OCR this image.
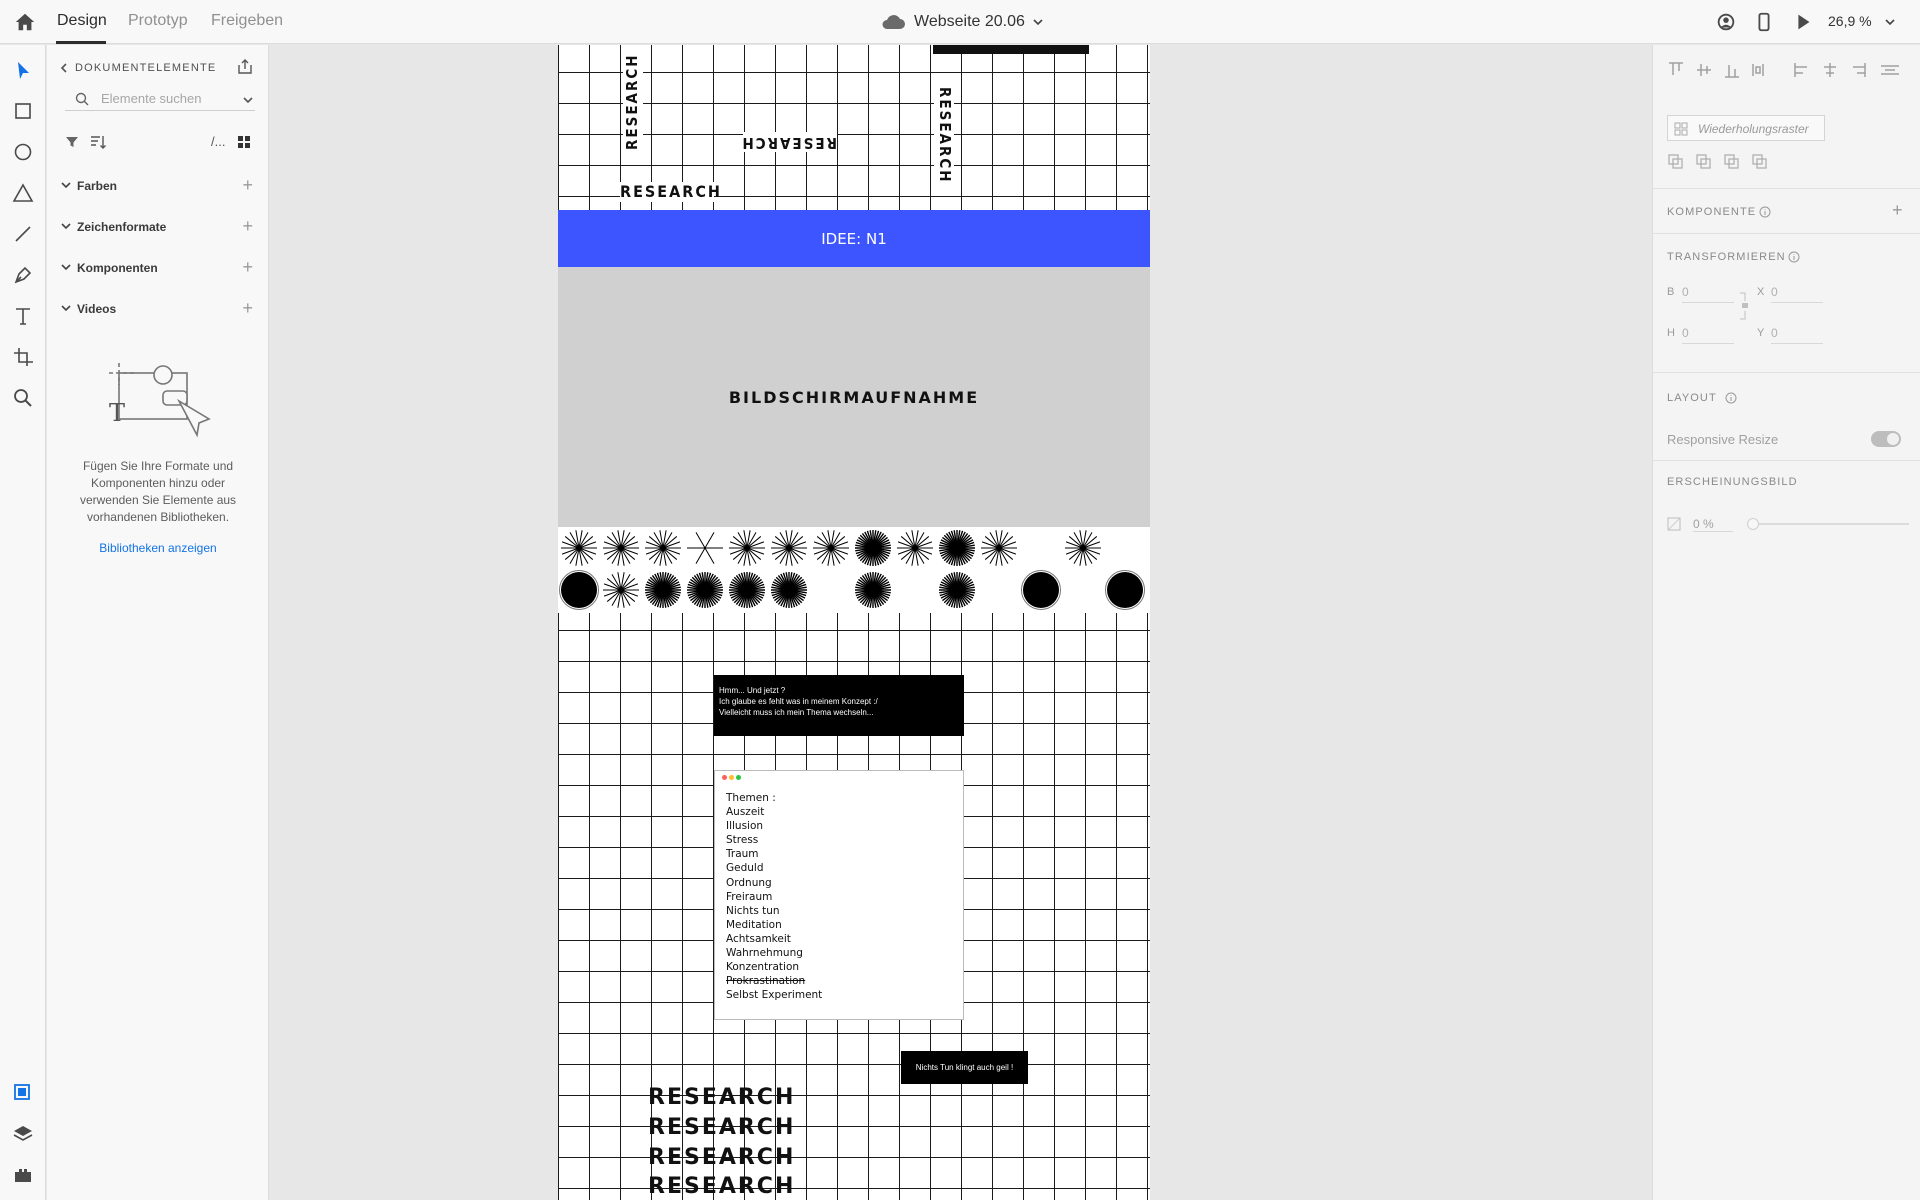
Design Prototyp Freigeben	Webseite 20.06	26,9 %
DOKUMENTELEMENTE
Elemente suchen
/...
Farben	+
Zeichenformate	+
Komponenten	+
Videos	+
T

Fügen Sie Ihre Formate und Komponenten hinzu oder verwenden Sie Elemente aus vorhandenen Bibliotheken.

Bibliotheken anzeigen
RESEARCH	RESEARCH	RESEARCH
RESEARCH
IDEE: N1
BILDSCHIRMAUFNAHME
Hmm... Und jetzt ?
Ich glaube es fehlt was in meinem Konzept :/
Vielleicht muss ich mein Thema wechseln...
Themen :
Auszeit
Illusion
Stress
Traum
Geduld
Ordnung
Freiraum
Nichts tun
Meditation
Achtsamkeit
Wahrnehmung
Konzentration
Prokrastination
Selbst Experiment
Nichts Tun klingt auch geil !
RESEARCH
RESEARCH
RESEARCH
RESEARCH
Wiederholungsraster
KOMPONENTE	+
TRANSFORMIEREN
B 0	X 0
H 0	Y 0
LAYOUT
Responsive Resize
ERSCHEINUNGSBILD
0 %
